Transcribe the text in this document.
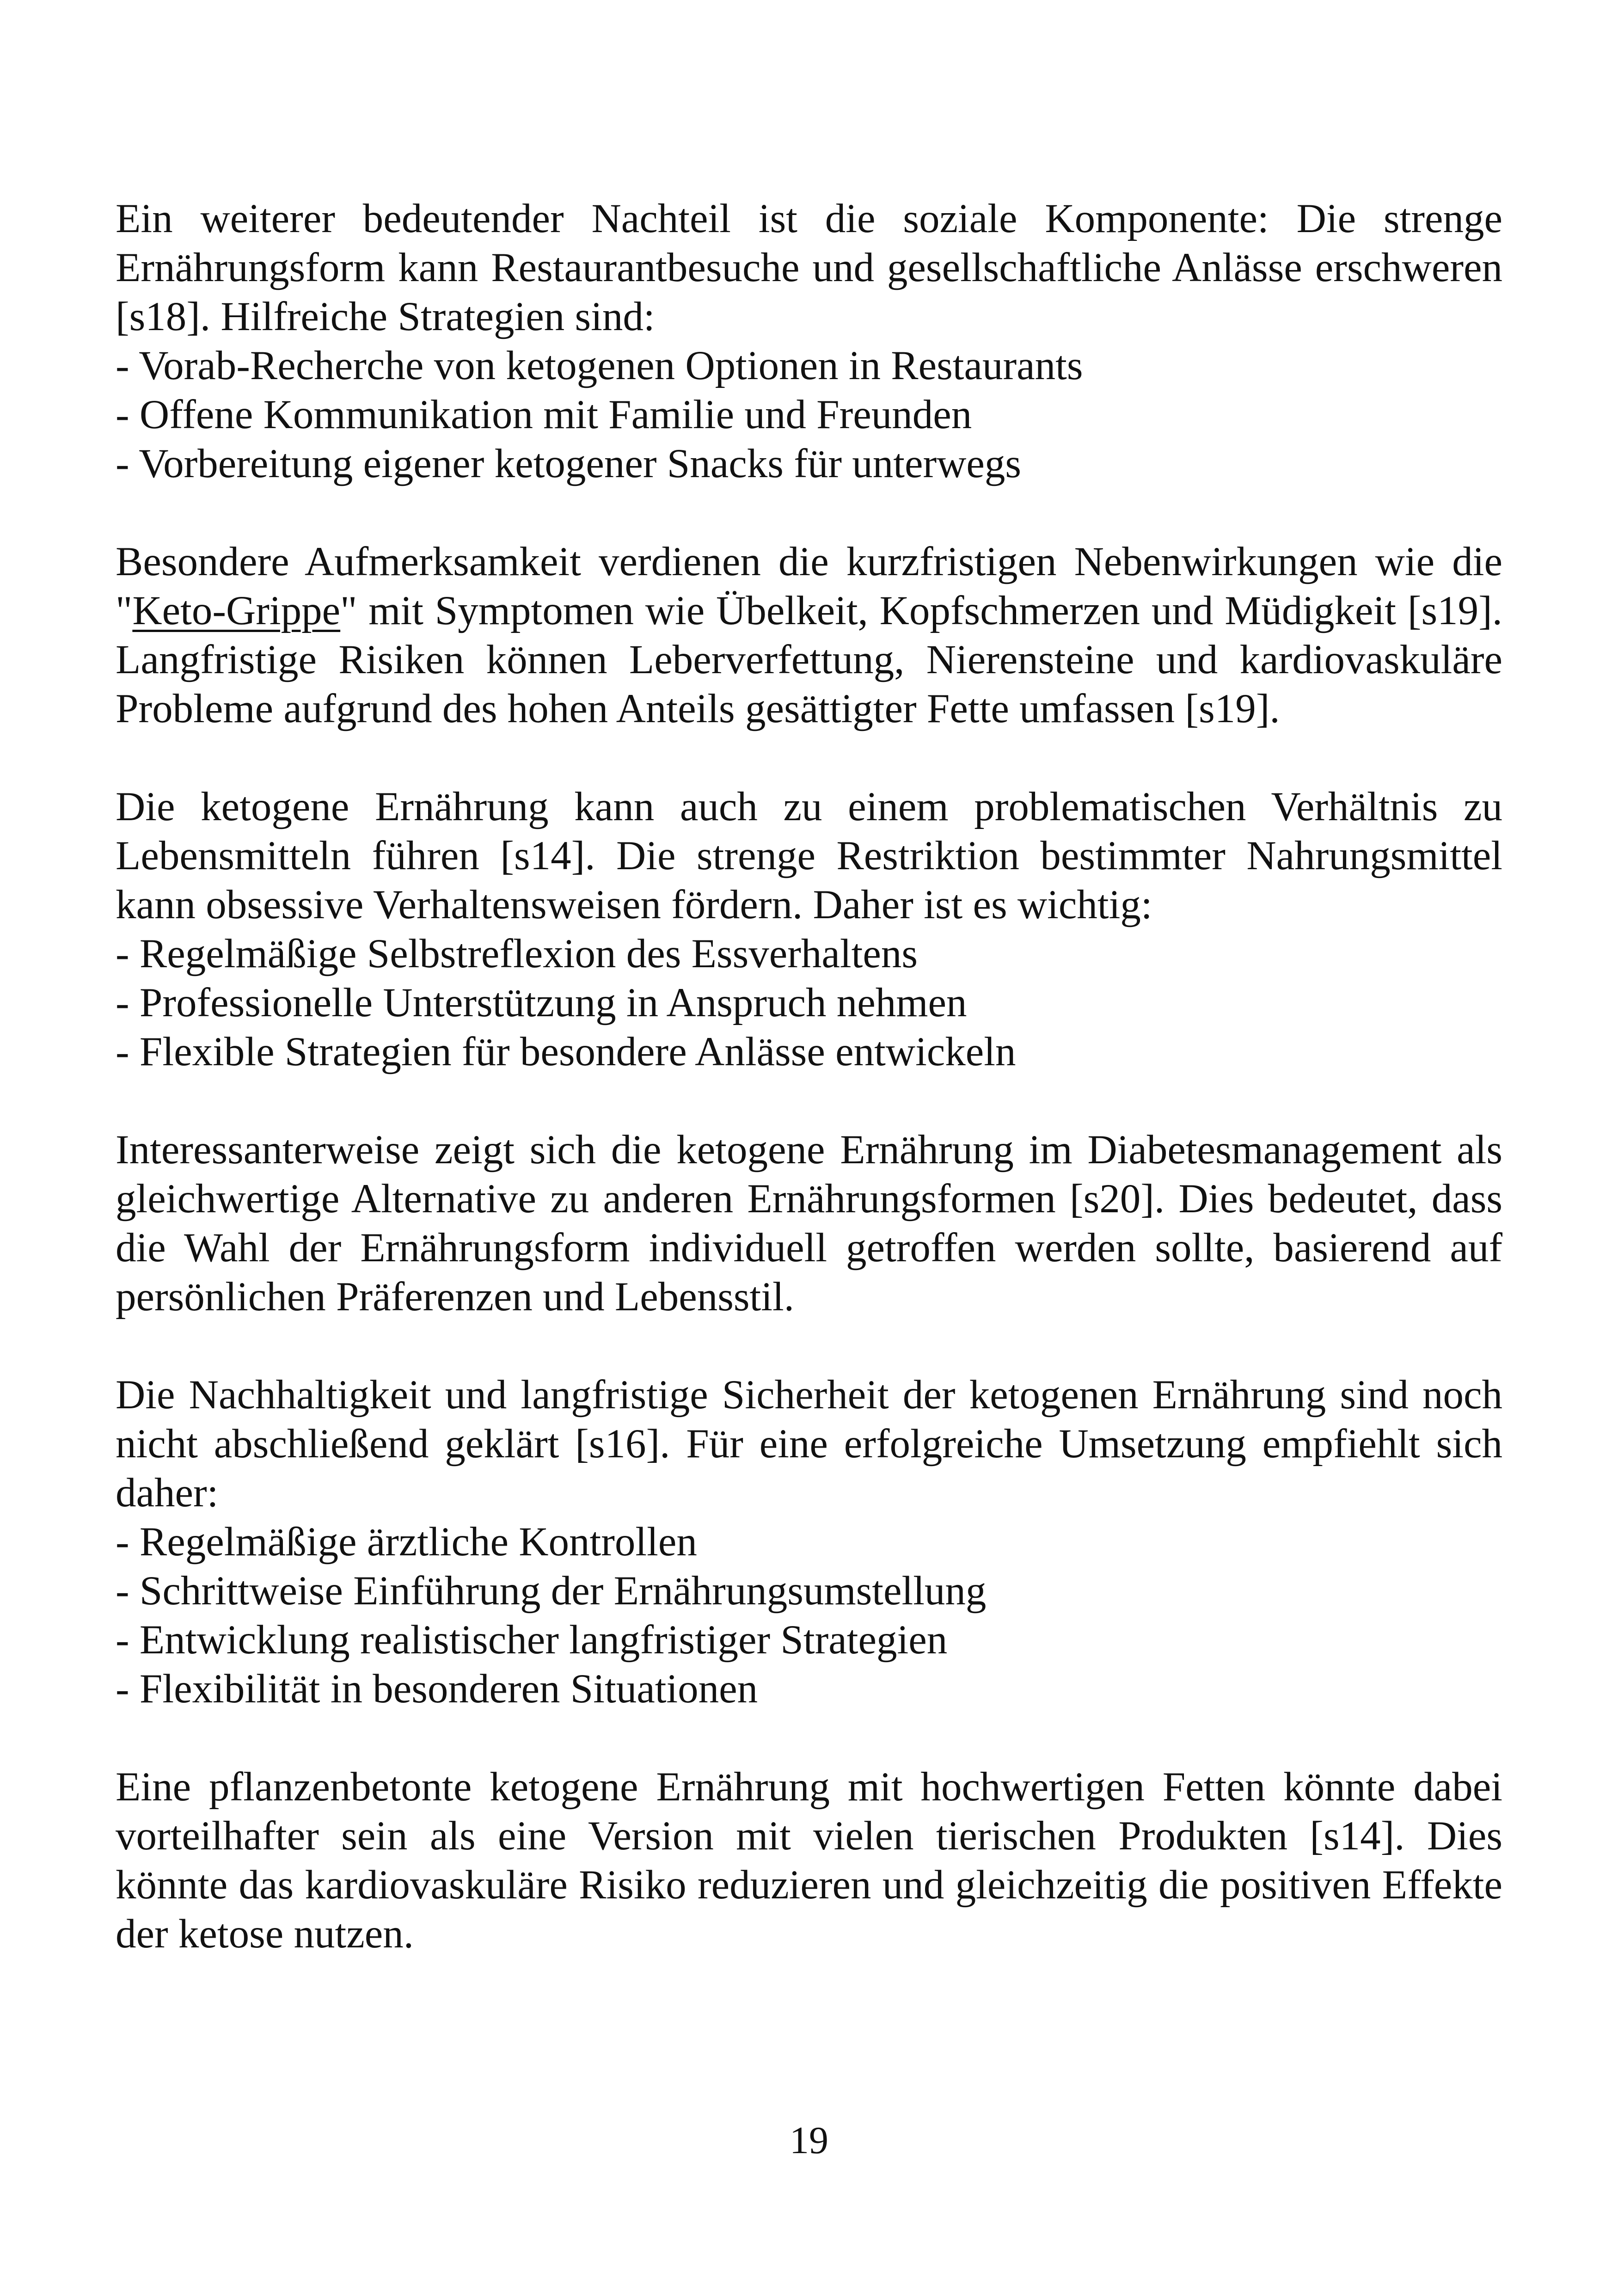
Ein weiterer bedeutender Nachteil ist die soziale Komponente: Die strenge Ernährungsform kann Restaurantbesuche und gesellschaftliche Anlässe erschweren [s18]. Hilfreiche Strategien sind:
- Vorab-Recherche von ketogenen Optionen in Restaurants
- Offene Kommunikation mit Familie und Freunden
- Vorbereitung eigener ketogener Snacks für unterwegs
Besondere Aufmerksamkeit verdienen die kurzfristigen Nebenwirkungen wie die "Keto-Grippe" mit Symptomen wie Übelkeit, Kopfschmerzen und Müdigkeit [s19]. Langfristige Risiken können Leberverfettung, Nierensteine und kardiovaskuläre Probleme aufgrund des hohen Anteils gesättigter Fette umfassen [s19].
Die ketogene Ernährung kann auch zu einem problematischen Verhältnis zu Lebensmitteln führen [s14]. Die strenge Restriktion bestimmter Nahrungsmittel kann obsessive Verhaltensweisen fördern. Daher ist es wichtig:
- Regelmäßige Selbstreflexion des Essverhaltens
- Professionelle Unterstützung in Anspruch nehmen
- Flexible Strategien für besondere Anlässe entwickeln
Interessanterweise zeigt sich die ketogene Ernährung im Diabetesmanagement als gleichwertige Alternative zu anderen Ernährungsformen [s20]. Dies bedeutet, dass die Wahl der Ernährungsform individuell getroffen werden sollte, basierend auf persönlichen Präferenzen und Lebensstil.
Die Nachhaltigkeit und langfristige Sicherheit der ketogenen Ernährung sind noch nicht abschließend geklärt [s16]. Für eine erfolgreiche Umsetzung empfiehlt sich daher:
- Regelmäßige ärztliche Kontrollen
- Schrittweise Einführung der Ernährungsumstellung
- Entwicklung realistischer langfristiger Strategien
- Flexibilität in besonderen Situationen
Eine pflanzenbetonte ketogene Ernährung mit hochwertigen Fetten könnte dabei vorteilhafter sein als eine Version mit vielen tierischen Produkten [s14]. Dies könnte das kardiovaskuläre Risiko reduzieren und gleichzeitig die positiven Effekte der ketose nutzen.
19
